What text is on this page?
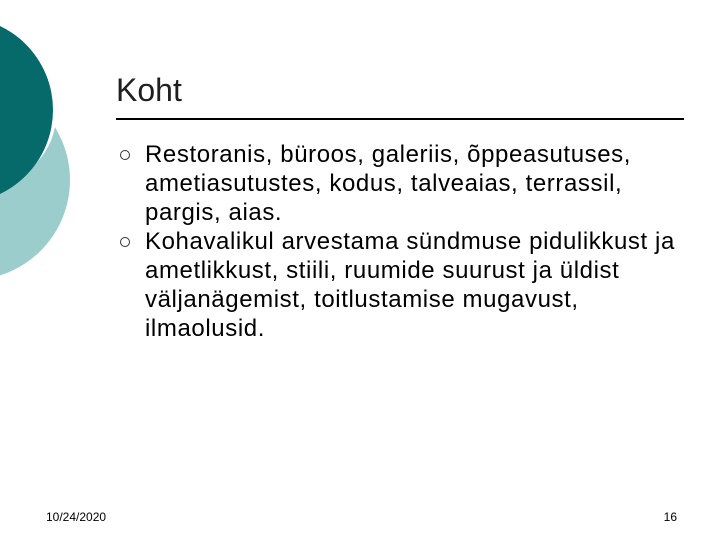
Koht
Restoranis, büroos, galeriis, õppeasutuses, ametiasutustes, kodus, talveaias, terrassil, pargis, aias.
Kohavalikul arvestama sündmuse pidulikkust ja ametlikkust, stiili, ruumide suurust ja üldist väljanägemist, toitlustamise mugavust, ilmaolusid.
10/24/2020	16
